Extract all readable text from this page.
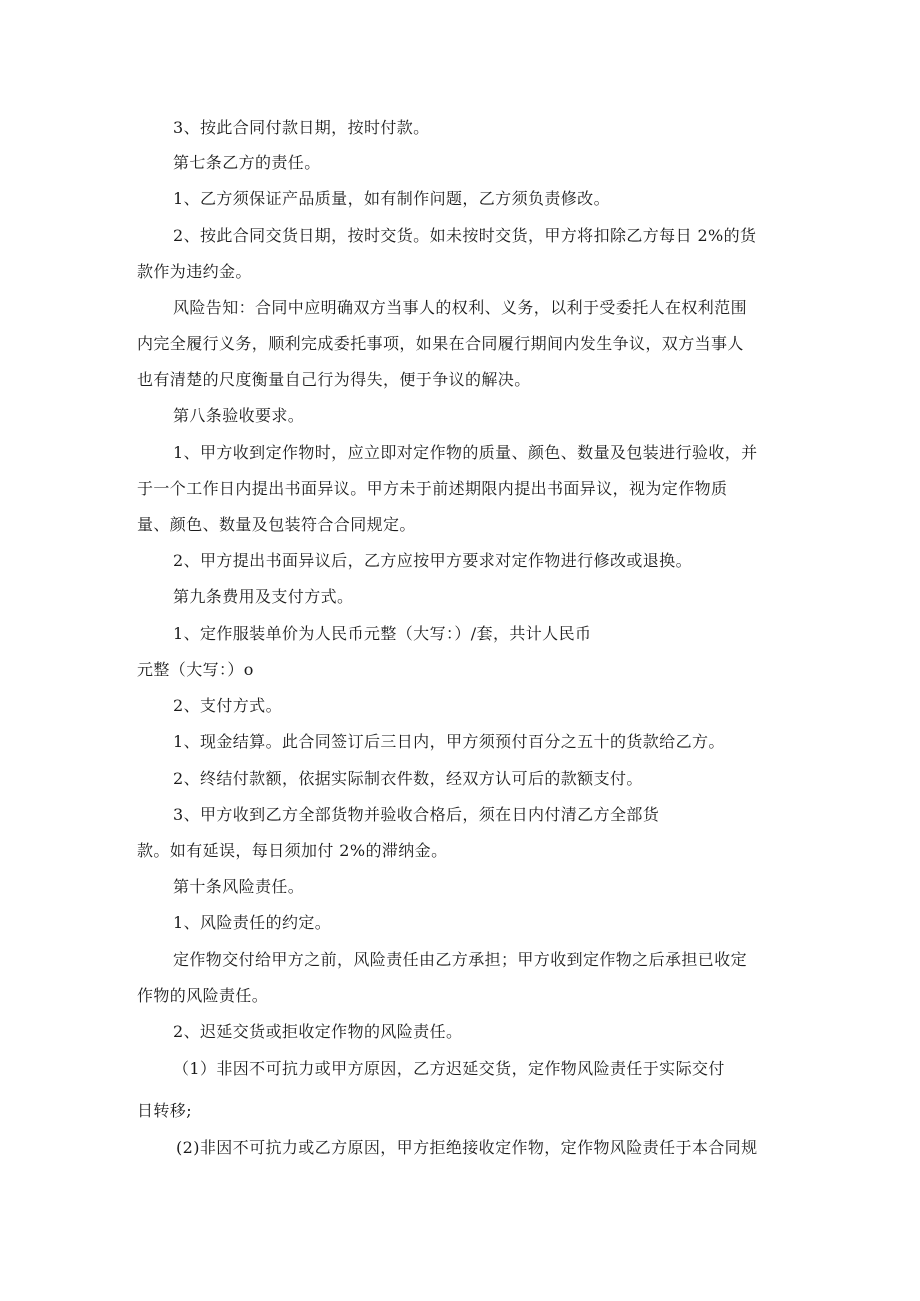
3、按此合同付款日期，按时付款。
第七条乙方的责任。
1、乙方须保证产品质量，如有制作问题，乙方须负责修改。
2、按此合同交货日期，按时交货。如未按时交货，甲方将扣除乙方每日 2%的货
款作为违约金。
风险告知：合同中应明确双方当事人的权利、义务，以利于受委托人在权利范围
内完全履行义务，顺利完成委托事项，如果在合同履行期间内发生争议，双方当事人
也有清楚的尺度衡量自己行为得失，便于争议的解决。
第八条验收要求。
1、甲方收到定作物时，应立即对定作物的质量、颜色、数量及包装进行验收，并
于一个工作日内提出书面异议。甲方未于前述期限内提出书面异议，视为定作物质
量、颜色、数量及包装符合合同规定。
2、甲方提出书面异议后，乙方应按甲方要求对定作物进行修改或退换。
第九条费用及支付方式。
1、定作服装单价为人民币元整（大写：）/套，共计人民币
元整（大写：）o
2、支付方式。
1、现金结算。此合同签订后三日内，甲方须预付百分之五十的货款给乙方。
2、终结付款额，依据实际制衣件数，经双方认可后的款额支付。
3、甲方收到乙方全部货物并验收合格后，须在日内付清乙方全部货
款。如有延误，每日须加付 2%的滞纳金。
第十条风险责任。
1、风险责任的约定。
定作物交付给甲方之前，风险责任由乙方承担；甲方收到定作物之后承担已收定
作物的风险责任。
2、迟延交货或拒收定作物的风险责任。
（1）非因不可抗力或甲方原因，乙方迟延交货，定作物风险责任于实际交付
日转移;
(2)非因不可抗力或乙方原因，甲方拒绝接收定作物，定作物风险责任于本合同规
